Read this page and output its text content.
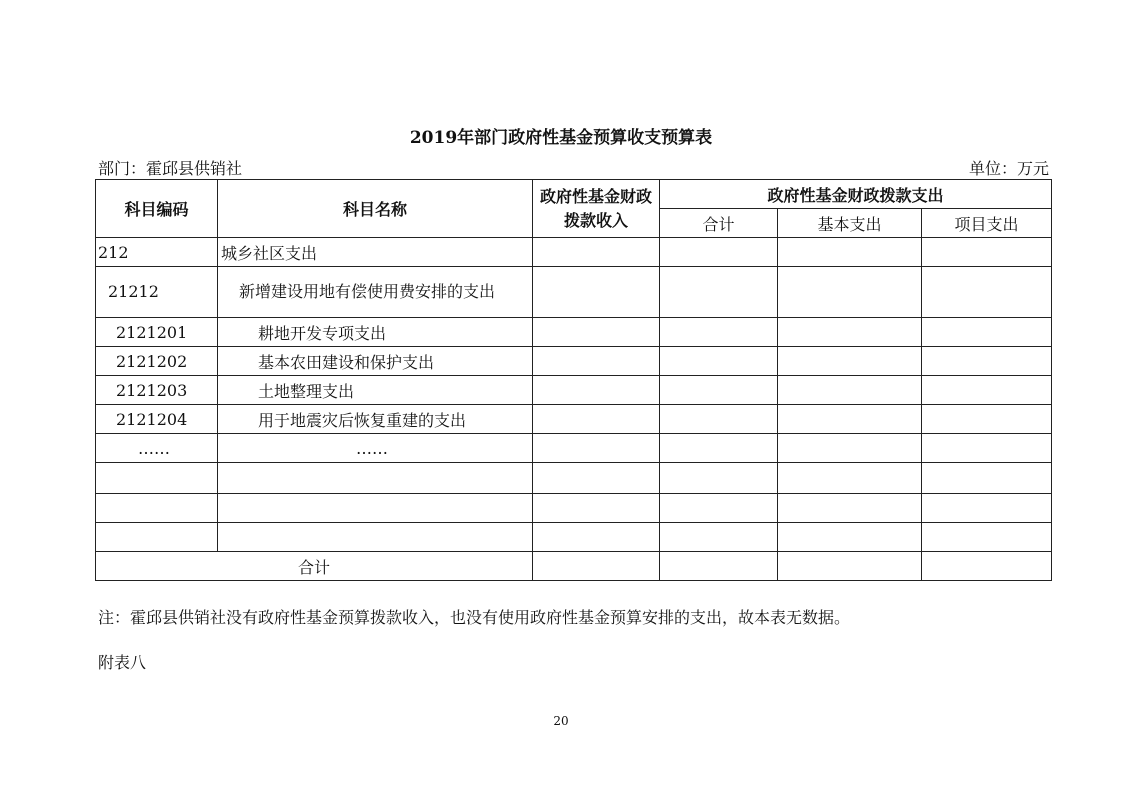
2019年部门政府性基金预算收支预算表
部门：霍邱县供销社	单位：万元
科目编码	科目名称	政府性基金财政拨款收入	政府性基金财政拨款支出		
			合计	基本支出	项目支出
212	城乡社区支出				
21212	新增建设用地有偿使用费安排的支出				
2121201	耕地开发专项支出				
2121202	基本农田建设和保护支出				
2121203	土地整理支出				
2121204	用于地震灾后恢复重建的支出				
……	……				

合计					
注：霍邱县供销社没有政府性基金预算拨款收入，也没有使用政府性基金预算安排的支出，故本表无数据。
附表八
20
